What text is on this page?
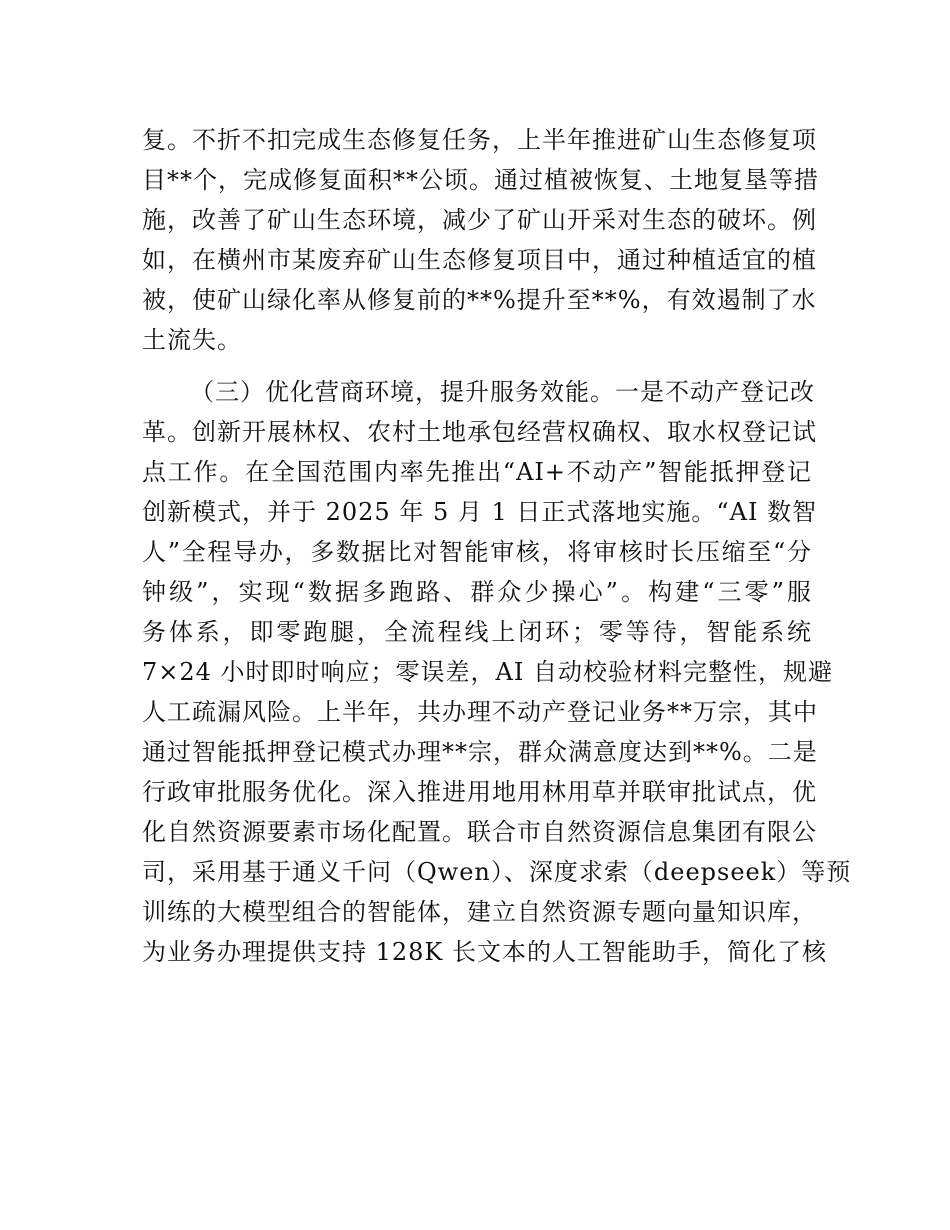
复。不折不扣完成生态修复任务，上半年推进矿山生态修复项
目**个，完成修复面积**公顷。通过植被恢复、土地复垦等措
施，改善了矿山生态环境，减少了矿山开采对生态的破坏。例
如，在横州市某废弃矿山生态修复项目中，通过种植适宜的植
被，使矿山绿化率从修复前的**%提升至**%，有效遏制了水
土流失。
（三）优化营商环境，提升服务效能。一是不动产登记改
革。创新开展林权、农村土地承包经营权确权、取水权登记试
点工作。在全国范围内率先推出“AI+不动产”智能抵押登记
创新模式，并于 2025 年 5 月 1 日正式落地实施。“AI 数智
人”全程导办，多数据比对智能审核，将审核时长压缩至“分
钟级”，实现“数据多跑路、群众少操心”。构建“三零”服
务体系，即零跑腿，全流程线上闭环；零等待，智能系统
7×24 小时即时响应；零误差，AI 自动校验材料完整性，规避
人工疏漏风险。上半年，共办理不动产登记业务**万宗，其中
通过智能抵押登记模式办理**宗，群众满意度达到**%。二是
行政审批服务优化。深入推进用地用林用草并联审批试点，优
化自然资源要素市场化配置。联合市自然资源信息集团有限公
司，采用基于通义千问（Qwen）、深度求索（deepseek）等预
训练的大模型组合的智能体，建立自然资源专题向量知识库，
为业务办理提供支持 128K 长文本的人工智能助手，简化了核
